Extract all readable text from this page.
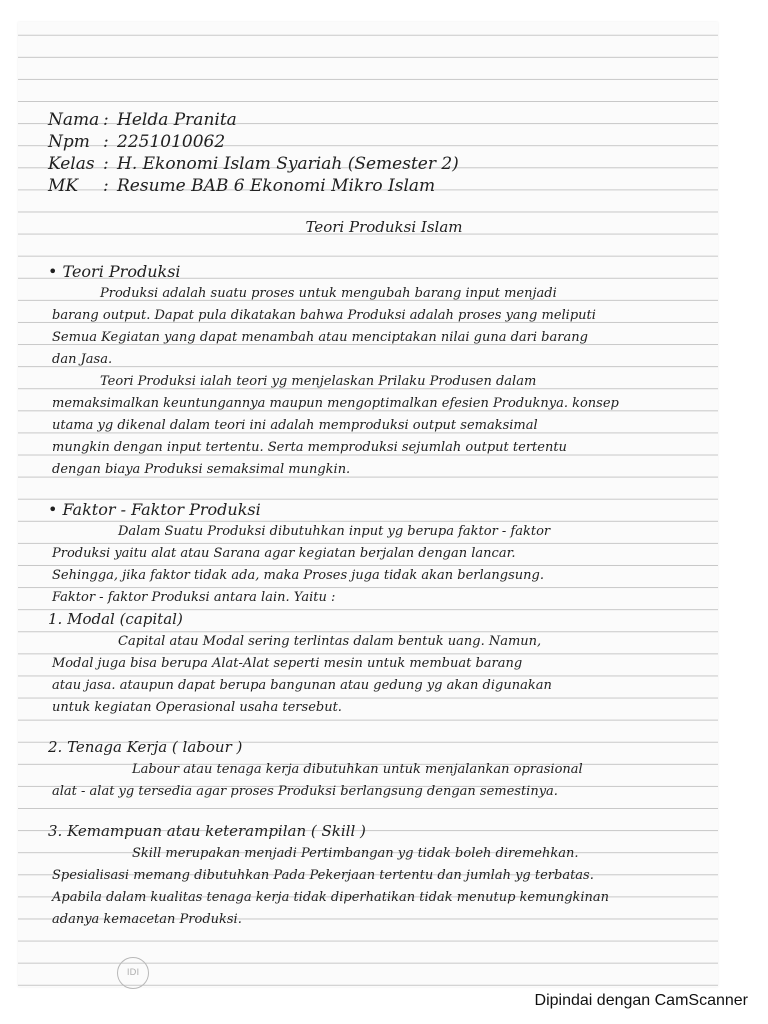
Nama : Helda Pranita
Npm : 2251010062
Kelas : H. Ekonomi Islam Syariah (Semester 2)
MK : Resume BAB 6 Ekonomi Mikro Islam
Teori Produksi Islam
• Teori Produksi
Produksi adalah suatu proses untuk mengubah barang input menjadi
barang output. Dapat pula dikatakan bahwa Produksi adalah proses yang meliputi
Semua Kegiatan yang dapat menambah atau menciptakan nilai guna dari barang
dan Jasa.
Teori Produksi ialah teori yg menjelaskan Prilaku Produsen dalam
memaksimalkan keuntungannya maupun mengoptimalkan efesien Produknya. konsep
utama yg dikenal dalam teori ini adalah memproduksi output semaksimal
mungkin dengan input tertentu. Serta memproduksi sejumlah output tertentu
dengan biaya Produksi semaksimal mungkin.
• Faktor - Faktor Produksi
Dalam Suatu Produksi dibutuhkan input yg berupa faktor - faktor
Produksi yaitu alat atau Sarana agar kegiatan berjalan dengan lancar.
Sehingga, jika faktor tidak ada, maka Proses juga tidak akan berlangsung.
Faktor - faktor Produksi antara lain. Yaitu :
1. Modal (capital)
Capital atau Modal sering terlintas dalam bentuk uang. Namun,
Modal juga bisa berupa Alat-Alat seperti mesin untuk membuat barang
atau jasa. ataupun dapat berupa bangunan atau gedung yg akan digunakan
untuk kegiatan Operasional usaha tersebut.
2. Tenaga Kerja ( labour )
Labour atau tenaga kerja dibutuhkan untuk menjalankan oprasional
alat - alat yg tersedia agar proses Produksi berlangsung dengan semestinya.
3. Kemampuan atau keterampilan ( Skill )
Skill merupakan menjadi Pertimbangan yg tidak boleh diremehkan.
Spesialisasi memang dibutuhkan Pada Pekerjaan tertentu dan jumlah yg terbatas.
Apabila dalam kualitas tenaga kerja tidak diperhatikan tidak menutup kemungkinan
adanya kemacetan Produksi.
IDI
Dipindai dengan CamScanner
